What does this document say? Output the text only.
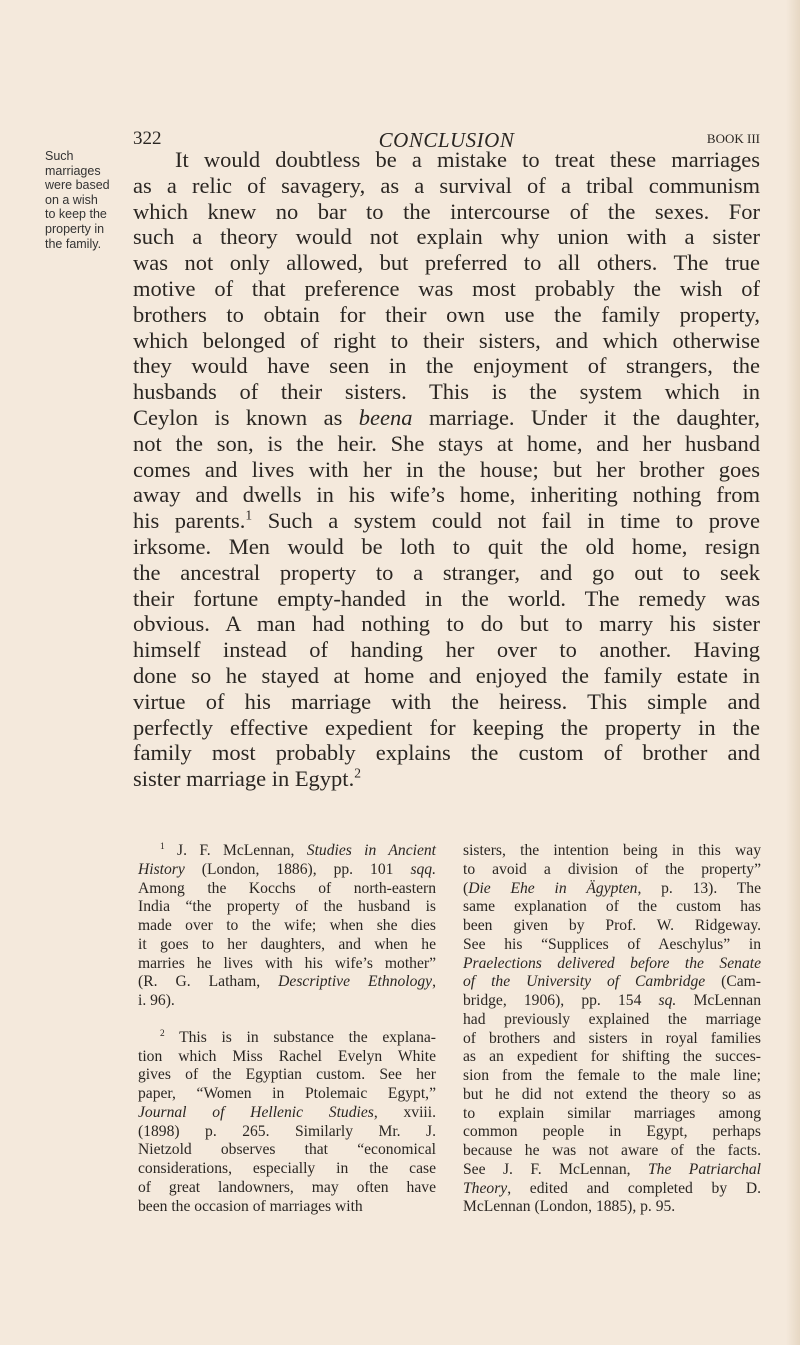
322	CONCLUSION	BOOK III
Such
marriages
were based
on a wish
to keep the
property in
the family.
It would doubtless be a mistake to treat these marriages
as a relic of savagery, as a survival of a tribal communism
which knew no bar to the intercourse of the sexes. For
such a theory would not explain why union with a sister
was not only allowed, but preferred to all others. The true
motive of that preference was most probably the wish of
brothers to obtain for their own use the family property,
which belonged of right to their sisters, and which otherwise
they would have seen in the enjoyment of strangers, the
husbands of their sisters. This is the system which in
Ceylon is known as beena marriage. Under it the daughter,
not the son, is the heir. She stays at home, and her husband
comes and lives with her in the house; but her brother goes
away and dwells in his wife’s home, inheriting nothing from
his parents.$^1$ Such a system could not fail in time to prove
irksome. Men would be loth to quit the old home, resign
the ancestral property to a stranger, and go out to seek
their fortune empty-handed in the world. The remedy was
obvious. A man had nothing to do but to marry his sister
himself instead of handing her over to another. Having
done so he stayed at home and enjoyed the family estate in
virtue of his marriage with the heiress. This simple and
perfectly effective expedient for keeping the property in the
family most probably explains the custom of brother and
sister marriage in Egypt.$^2$
$^1$ J. F. McLennan, Studies in Ancient
History (London, 1886), pp. 101 sqq.
Among the Kocchs of north-eastern
India “the property of the husband is
made over to the wife; when she dies
it goes to her daughters, and when he
marries he lives with his wife’s mother”
(R. G. Latham, Descriptive Ethnology,
i. 96).
$^2$ This is in substance the explana-
tion which Miss Rachel Evelyn White
gives of the Egyptian custom. See her
paper, “Women in Ptolemaic Egypt,”
Journal of Hellenic Studies, xviii.
(1898) p. 265. Similarly Mr. J.
Nietzold observes that “economical
considerations, especially in the case
of great landowners, may often have
been the occasion of marriages with
sisters, the intention being in this way
to avoid a division of the property”
(Die Ehe in Ägypten, p. 13). The
same explanation of the custom has
been given by Prof. W. Ridgeway.
See his “Supplices of Aeschylus” in
Praelections delivered before the Senate
of the University of Cambridge (Cam-
bridge, 1906), pp. 154 sq. McLennan
had previously explained the marriage
of brothers and sisters in royal families
as an expedient for shifting the succes-
sion from the female to the male line;
but he did not extend the theory so as
to explain similar marriages among
common people in Egypt, perhaps
because he was not aware of the facts.
See J. F. McLennan, The Patriarchal
Theory, edited and completed by D.
McLennan (London, 1885), p. 95.
